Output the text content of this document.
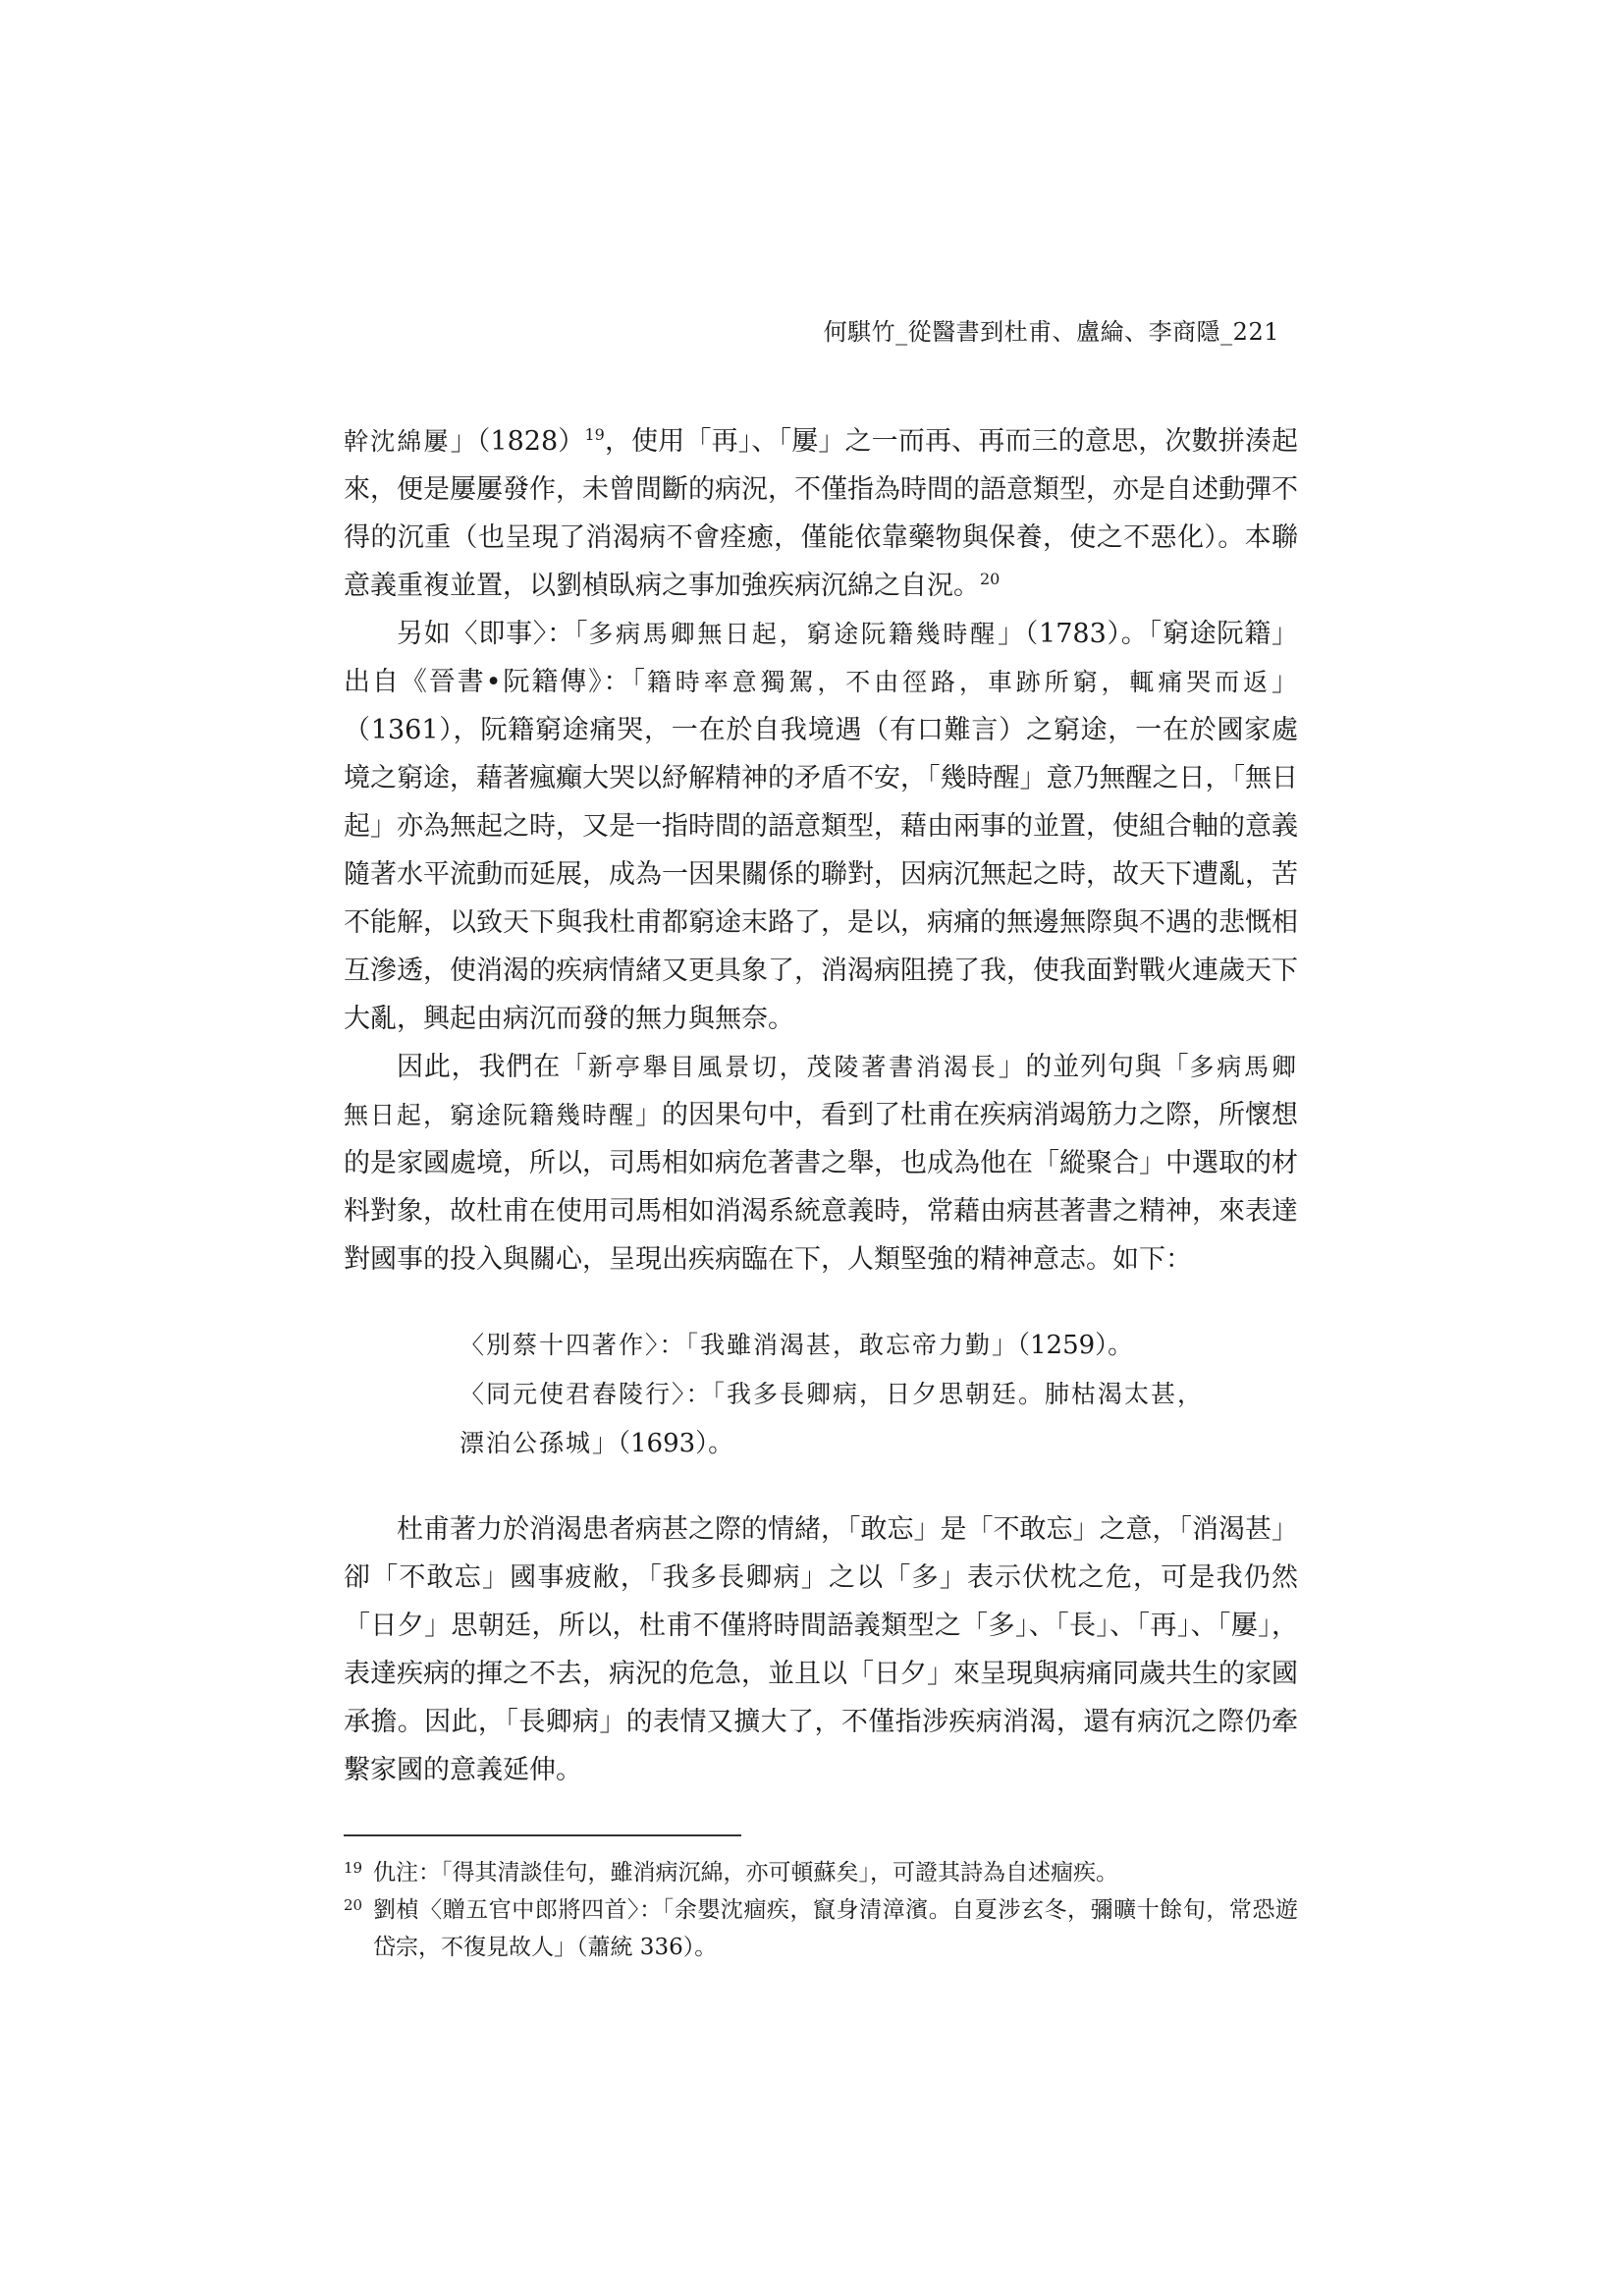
何騏竹_從醫書到杜甫、盧綸、李商隱_221

幹沈綿屢」$(1828)^{19}$，使用「再」、「屢」之一而再、再而三的意思，次數拼湊起來，便是屢屢發作，未曾間斷的病況，不僅指為時間的語意類型，亦是自述動彈不得的沉重（也呈現了消渴病不會痊癒，僅能依靠藥物與保養，使之不惡化）。本聯意義重複並置，以劉楨臥病之事加強疾病沉綿之自況。$^{20}$

另如〈即事〉：「多病馬卿無日起，窮途阮籍幾時醒」（1783）。「窮途阮籍」出自《晉書•阮籍傳》：「籍時率意獨駕，不由徑路，車跡所窮，輒痛哭而返」（1361），阮籍窮途痛哭，一在於自我境遇（有口難言）之窮途，一在於國家處境之窮途，藉著瘋癲大哭以紓解精神的矛盾不安，「幾時醒」意乃無醒之日，「無日起」亦為無起之時，又是一指時間的語意類型，藉由兩事的並置，使組合軸的意義隨著水平流動而延展，成為一因果關係的聯對，因病沉無起之時，故天下遭亂，苦不能解，以致天下與我杜甫都窮途末路了，是以，病痛的無邊無際與不遇的悲慨相互滲透，使消渴的疾病情緒又更具象了，消渴病阻撓了我，使我面對戰火連歲天下大亂，興起由病沉而發的無力與無奈。

因此，我們在「新亭舉目風景切，茂陵著書消渴長」的並列句與「多病馬卿無日起，窮途阮籍幾時醒」的因果句中，看到了杜甫在疾病消竭筋力之際，所懷想的是家國處境，所以，司馬相如病危著書之舉，也成為他在「縱聚合」中選取的材料對象，故杜甫在使用司馬相如消渴系統意義時，常藉由病甚著書之精神，來表達對國事的投入與關心，呈現出疾病臨在下，人類堅強的精神意志。如下：

〈別蔡十四著作〉：「我雖消渴甚，敢忘帝力勤」（1259）。
〈同元使君舂陵行〉：「我多長卿病，日夕思朝廷。肺枯渴太甚，
漂泊公孫城」（1693）。

杜甫著力於消渴患者病甚之際的情緒，「敢忘」是「不敢忘」之意，「消渴甚」卻「不敢忘」國事疲敝，「我多長卿病」之以「多」表示伏枕之危，可是我仍然「日夕」思朝廷，所以，杜甫不僅將時間語義類型之「多」、「長」、「再」、「屢」，表達疾病的揮之不去，病況的危急，並且以「日夕」來呈現與病痛同歲共生的家國承擔。因此，「長卿病」的表情又擴大了，不僅指涉疾病消渴，還有病沉之際仍牽繫家國的意義延伸。

19 仇注：「得其清談佳句，雖消病沉綿，亦可頓蘇矣」，可證其詩為自述痼疾。
20 劉楨〈贈五官中郎將四首〉：「余嬰沈痼疾，竄身清漳濱。自夏涉玄冬，彌曠十餘旬，常恐遊岱宗，不復見故人」（蕭統 336）。
